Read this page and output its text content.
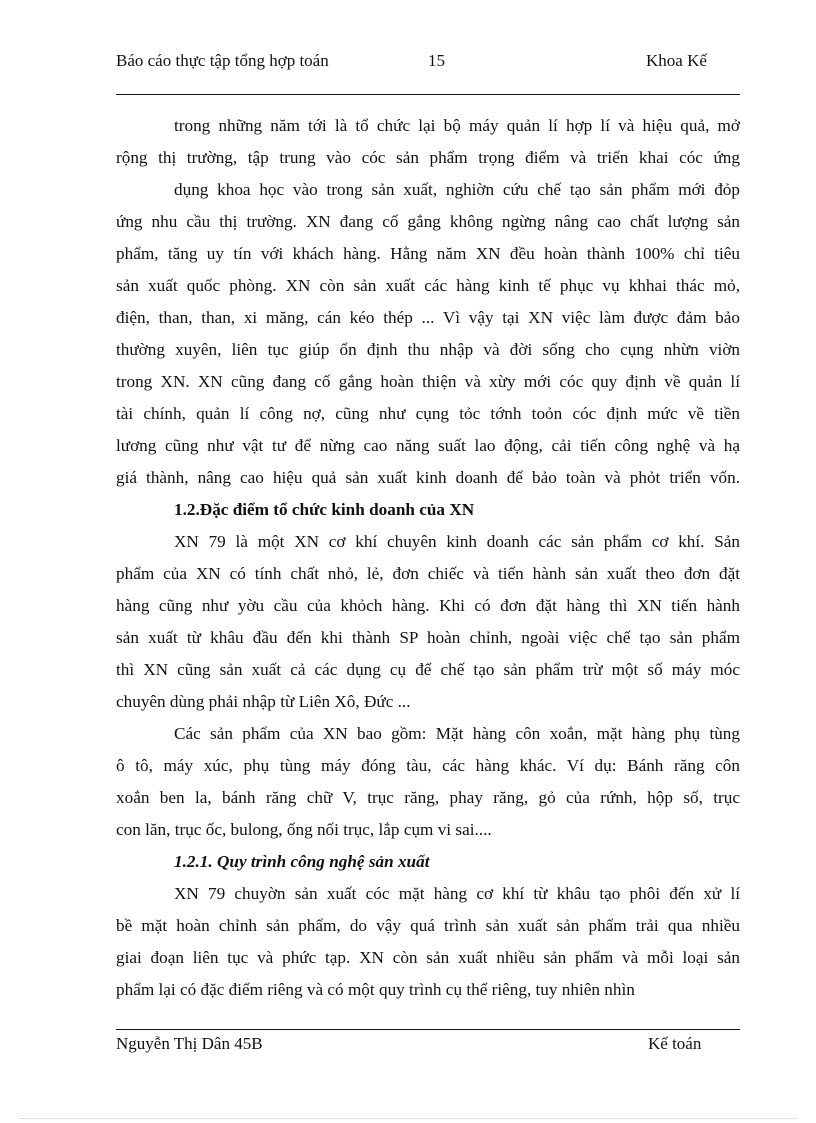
Báo cáo thực tập tổng hợp toán	15	Khoa Kế
trong những năm tới là tổ chức lại bộ máy quản lí hợp lí và hiệu quả, mở
rộng thị trường, tập trung vào cóc sản phẩm trọng điểm và triển khai cóc ứng
dụng khoa học vào trong sản xuất, nghiờn cứu chế tạo sản phẩm mới đỏp
ứng nhu cầu thị trường. XN đang cố gắng không ngừng nâng cao chất lượng sản
phẩm, tăng uy tín với khách hàng. Hằng năm XN đều hoàn thành 100% chỉ tiêu
sản xuất quốc phòng. XN còn sản xuất các hàng kinh tế phục vụ khhai thác mỏ,
điện, than, than, xi măng, cán kéo thép ... Vì vậy tại XN việc làm được đảm bảo
thường xuyên, liên tục giúp ổn định thu nhập và đời sống cho cụng nhừn viờn
trong XN. XN cũng đang cố gắng hoàn thiện và xừy mới cóc quy định về quản lí
tài chính, quản lí công nợ, cũng như cụng tỏc tớnh toỏn cóc định mức về tiền
lương cũng như vật tư để nừng cao năng suất lao động, cải tiến công nghệ và hạ
giá thành, nâng cao hiệu quả sản xuất kinh doanh để bảo toàn và phỏt triển vốn.
1.2.Đặc điểm tổ chức kinh doanh của XN
XN 79 là một XN cơ khí chuyên kinh doanh các sản phẩm cơ khí. Sản
phẩm của XN có tính chất nhỏ, lẻ, đơn chiếc và tiến hành sản xuất theo đơn đặt
hàng cũng như yờu cầu của khỏch hàng. Khi có đơn đặt hàng thì XN tiến hành
sản xuất từ khâu đầu đến khi thành SP hoàn chỉnh, ngoài việc chế tạo sản phẩm
thì XN cũng sản xuất cả các dụng cụ để chế tạo sản phẩm trừ một số máy móc
chuyên dùng phải nhập từ Liên Xô, Đức ...
Các sản phẩm của XN bao gồm: Mặt hàng côn xoắn, mặt hàng phụ tùng
ô tô, máy xúc, phụ tùng máy đóng tàu, các hàng khác. Ví dụ: Bánh răng côn
xoắn ben la, bánh răng chữ V, trục răng, phay răng, gỏ của rứnh, hộp số, trục
con lăn, trục ốc, bulong, ống nối trục, lắp cụm vi sai....
1.2.1. Quy trình công nghệ sản xuất
XN 79 chuyờn sản xuất cóc mặt hàng cơ khí từ khâu tạo phôi đến xử lí
bề mặt hoàn chỉnh sản phẩm, do vậy quá trình sản xuất sản phẩm trải qua nhiều
giai đoạn liên tục và phức tạp. XN còn sản xuất nhiều sản phẩm và mỗi loại sản
phẩm lại có đặc điểm riêng và có một quy trình cụ thể riêng, tuy nhiên nhìn
Nguyễn Thị Dân 45B	Kế toán
